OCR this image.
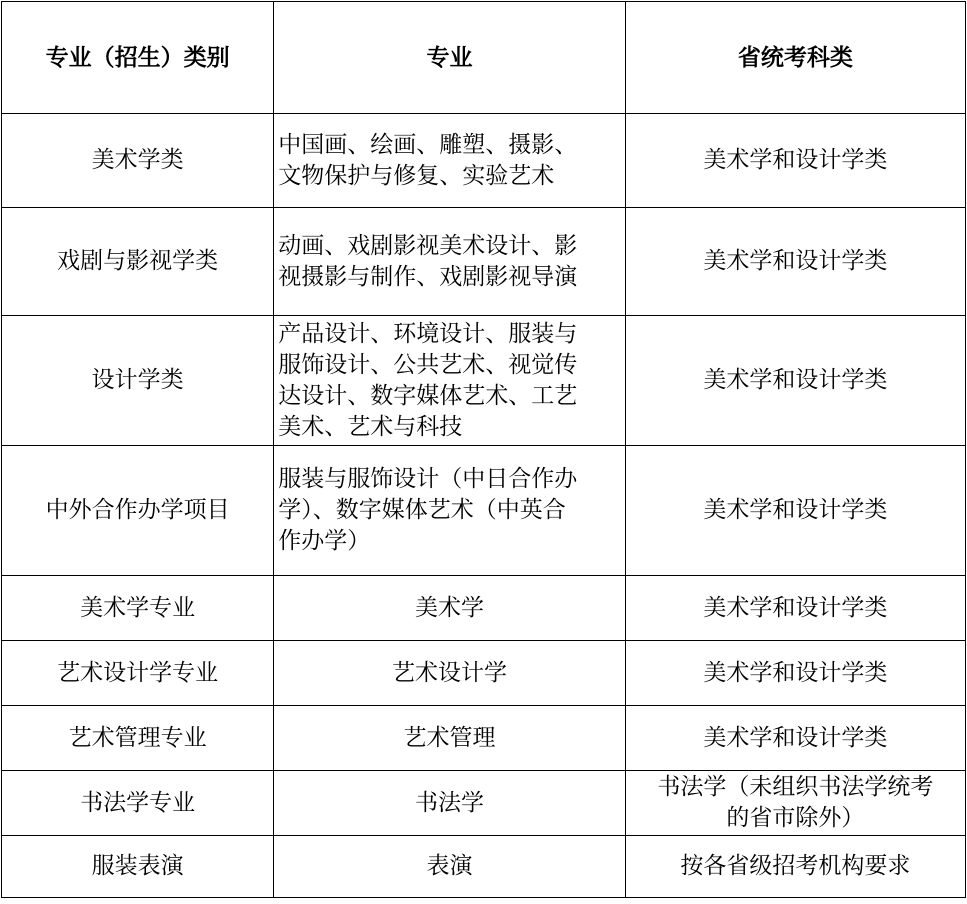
专业（招生）类别	专业	省统考科类
美术学类	中国画、绘画、雕塑、摄影、
文物保护与修复、实验艺术	美术学和设计学类

戏剧与影视学类	动画、戏剧影视美术设计、影
视摄影与制作、戏剧影视导演	美术学和设计学类

设计学类	产品设计、环境设计、服装与
服饰设计、公共艺术、视觉传
达设计、数字媒体艺术、工艺
美术、艺术与科技	美术学和设计学类

中外合作办学项目	服装与服饰设计（中日合作办
学）、数字媒体艺术（中英合
作办学）	美术学和设计学类

美术学专业	美术学	美术学和设计学类

艺术设计学专业	艺术设计学	美术学和设计学类

艺术管理专业	艺术管理	美术学和设计学类

书法学专业	书法学	书法学（未组织书法学统考
的省市除外）

服装表演	表演	按各省级招考机构要求
